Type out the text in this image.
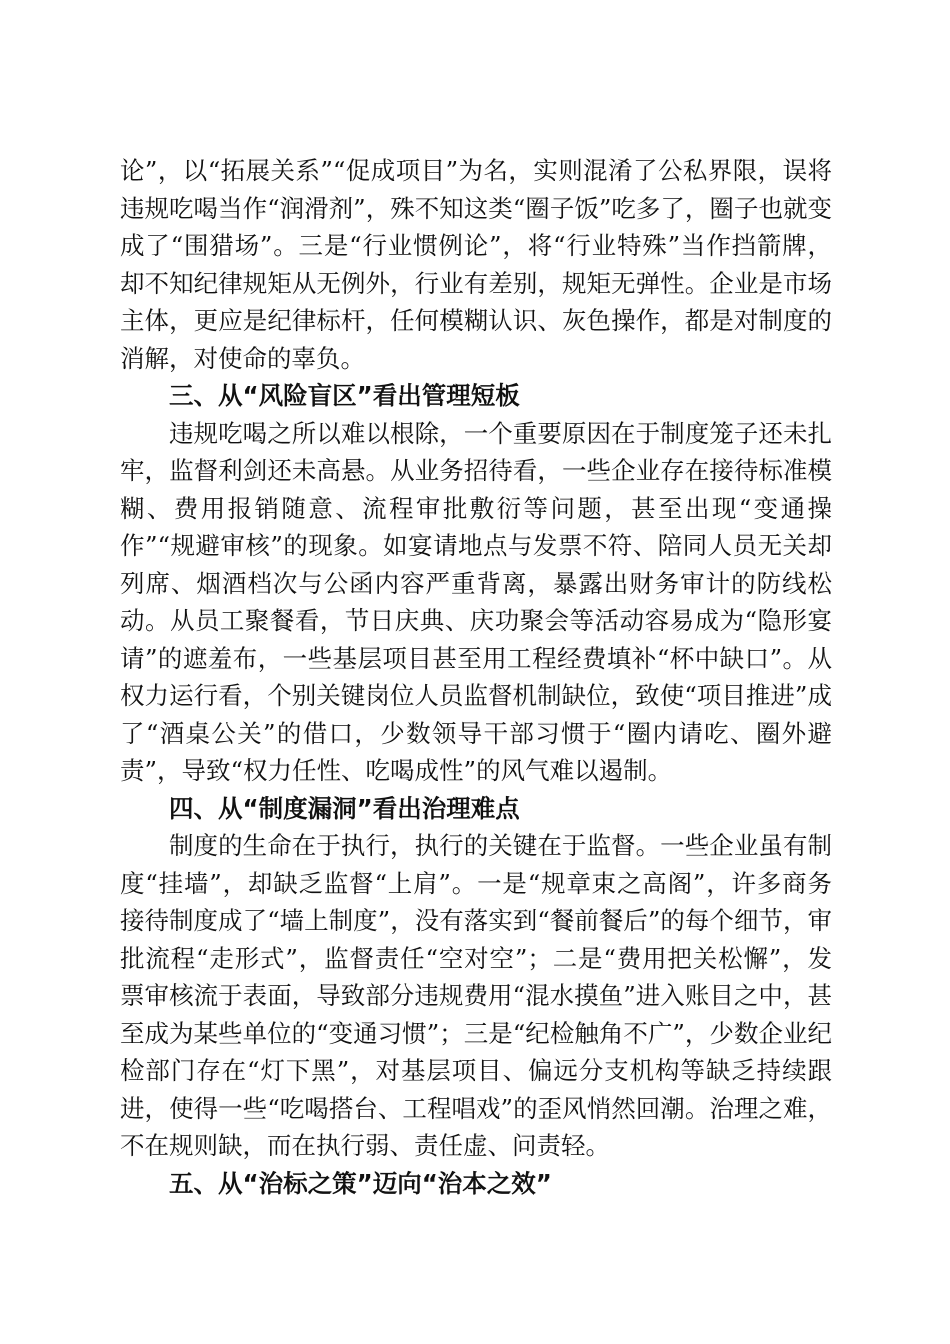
论”，以“拓展关系”“促成项目”为名，实则混淆了公私界限，误将违规吃喝当作“润滑剂”，殊不知这类“圈子饭”吃多了，圈子也就变成了“围猎场”。三是“行业惯例论”，将“行业特殊”当作挡箭牌，却不知纪律规矩从无例外，行业有差别，规矩无弹性。企业是市场主体，更应是纪律标杆，任何模糊认识、灰色操作，都是对制度的消解，对使命的辜负。

三、从“风险盲区”看出管理短板

违规吃喝之所以难以根除，一个重要原因在于制度笼子还未扎牢，监督利剑还未高悬。从业务招待看，一些企业存在接待标准模糊、费用报销随意、流程审批敷衍等问题，甚至出现“变通操作”“规避审核”的现象。如宴请地点与发票不符、陪同人员无关却列席、烟酒档次与公函内容严重背离，暴露出财务审计的防线松动。从员工聚餐看，节日庆典、庆功聚会等活动容易成为“隐形宴请”的遮羞布，一些基层项目甚至用工程经费填补“杯中缺口”。从权力运行看，个别关键岗位人员监督机制缺位，致使“项目推进”成了“酒桌公关”的借口，少数领导干部习惯于“圈内请吃、圈外避责”，导致“权力任性、吃喝成性”的风气难以遏制。

四、从“制度漏洞”看出治理难点

制度的生命在于执行，执行的关键在于监督。一些企业虽有制度“挂墙”，却缺乏监督“上肩”。一是“规章束之高阁”，许多商务接待制度成了“墙上制度”，没有落实到“餐前餐后”的每个细节，审批流程“走形式”，监督责任“空对空”；二是“费用把关松懈”，发票审核流于表面，导致部分违规费用“混水摸鱼”进入账目之中，甚至成为某些单位的“变通习惯”；三是“纪检触角不广”，少数企业纪检部门存在“灯下黑”，对基层项目、偏远分支机构等缺乏持续跟进，使得一些“吃喝搭台、工程唱戏”的歪风悄然回潮。治理之难，不在规则缺，而在执行弱、责任虚、问责轻。

五、从“治标之策”迈向“治本之效”
